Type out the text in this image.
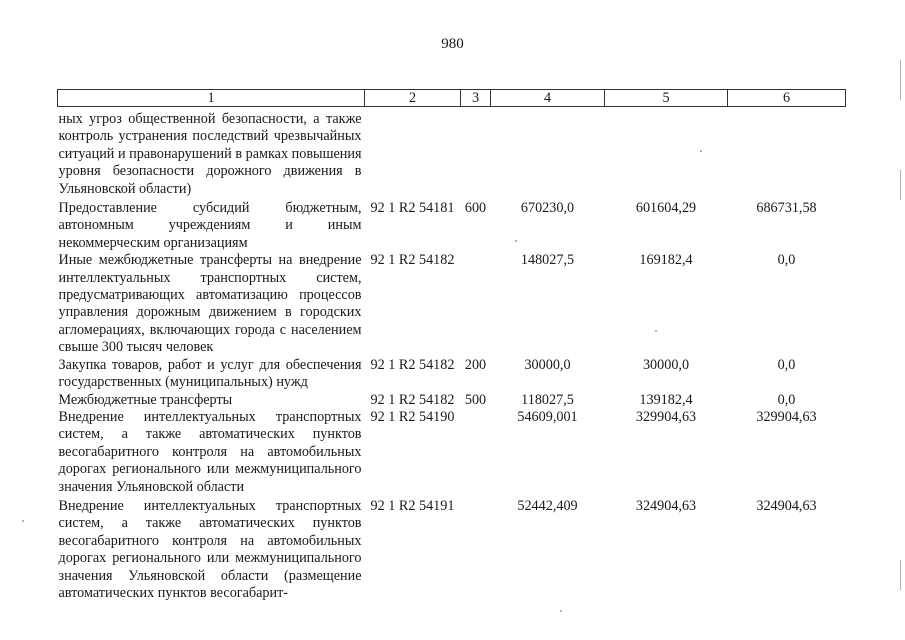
980
1	2	3	4	5	6
ных угроз общественной безопасности, а также контроль устранения последствий чрезвычайных ситуаций и правонарушений в рамках повышения уровня безопасности дорожного движения в Ульяновской области)					
Предоставление субсидий бюджетным, автономным учреждениям и иным некоммерческим организациям	92 1 R2 54181	600	670230,0	601604,29	686731,58
Иные межбюджетные трансферты на внедрение интеллектуальных транспортных систем, предусматривающих автоматизацию процессов управления дорожным движением в городских агломерациях, включающих города с населением свыше 300 тысяч человек	92 1 R2 54182		148027,5	169182,4	0,0
Закупка товаров, работ и услуг для обеспечения государственных (муниципальных) нужд	92 1 R2 54182	200	30000,0	30000,0	0,0
Межбюджетные трансферты	92 1 R2 54182	500	118027,5	139182,4	0,0
Внедрение интеллектуальных транспортных систем, а также автоматических пунктов весогабаритного контроля на автомобильных дорогах регионального или межмуниципального значения Ульяновской области	92 1 R2 54190		54609,001	329904,63	329904,63
Внедрение интеллектуальных транспортных систем, а также автоматических пунктов весогабаритного контроля на автомобильных дорогах регионального или межмуниципального значения Ульяновской области (размещение автоматических пунктов весогабарит-	92 1 R2 54191		52442,409	324904,63	324904,63
